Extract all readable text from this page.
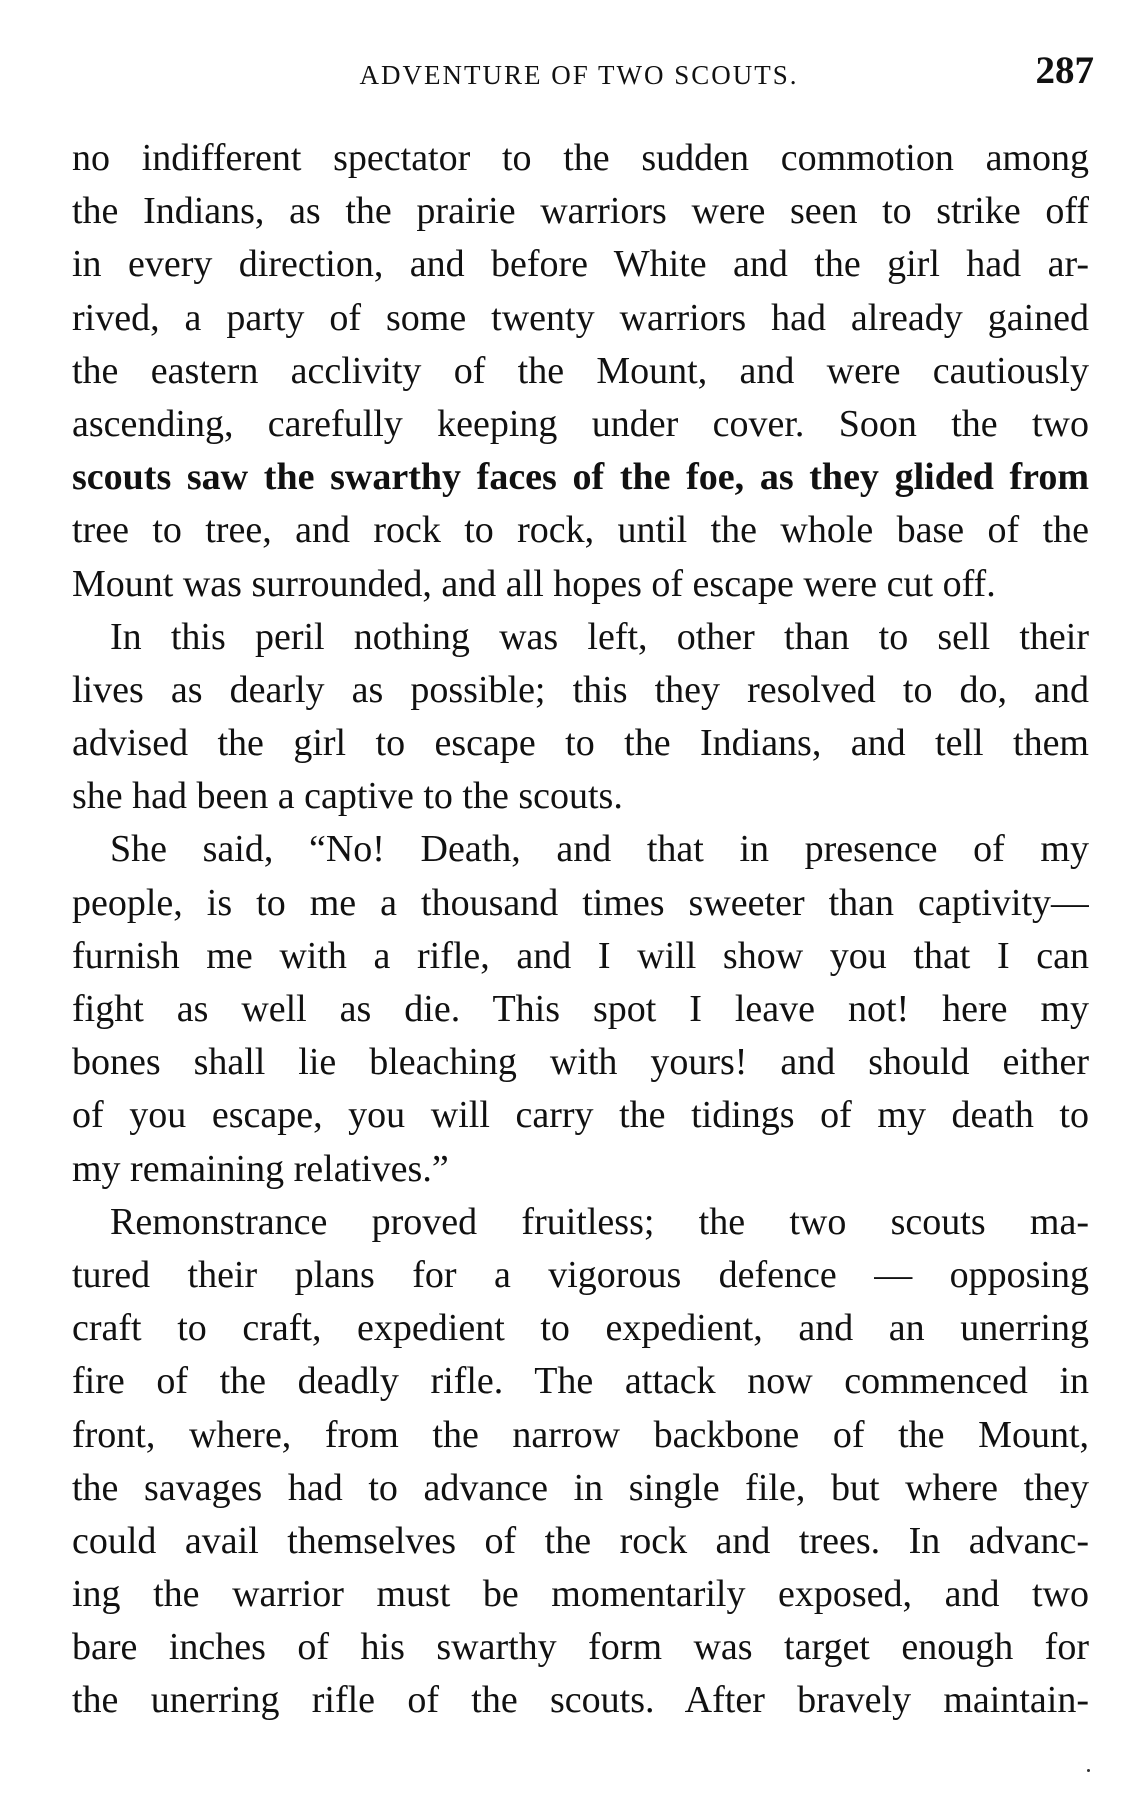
ADVENTURE OF TWO SCOUTS.	287
no indifferent spectator to the sudden commotion among
the Indians, as the prairie warriors were seen to strike off
in every direction, and before White and the girl had ar-
rived, a party of some twenty warriors had already gained
the eastern acclivity of the Mount, and were cautiously
ascending, carefully keeping under cover. Soon the two
scouts saw the swarthy faces of the foe, as they glided from
tree to tree, and rock to rock, until the whole base of the
Mount was surrounded, and all hopes of escape were cut off.
In this peril nothing was left, other than to sell their
lives as dearly as possible; this they resolved to do, and
advised the girl to escape to the Indians, and tell them
she had been a captive to the scouts.
She said, “No! Death, and that in presence of my
people, is to me a thousand times sweeter than captivity—
furnish me with a rifle, and I will show you that I can
fight as well as die. This spot I leave not! here my
bones shall lie bleaching with yours! and should either
of you escape, you will carry the tidings of my death to
my remaining relatives.”
Remonstrance proved fruitless; the two scouts ma-
tured their plans for a vigorous defence — opposing
craft to craft, expedient to expedient, and an unerring
fire of the deadly rifle. The attack now commenced in
front, where, from the narrow backbone of the Mount,
the savages had to advance in single file, but where they
could avail themselves of the rock and trees. In advanc-
ing the warrior must be momentarily exposed, and two
bare inches of his swarthy form was target enough for
the unerring rifle of the scouts. After bravely maintain-
